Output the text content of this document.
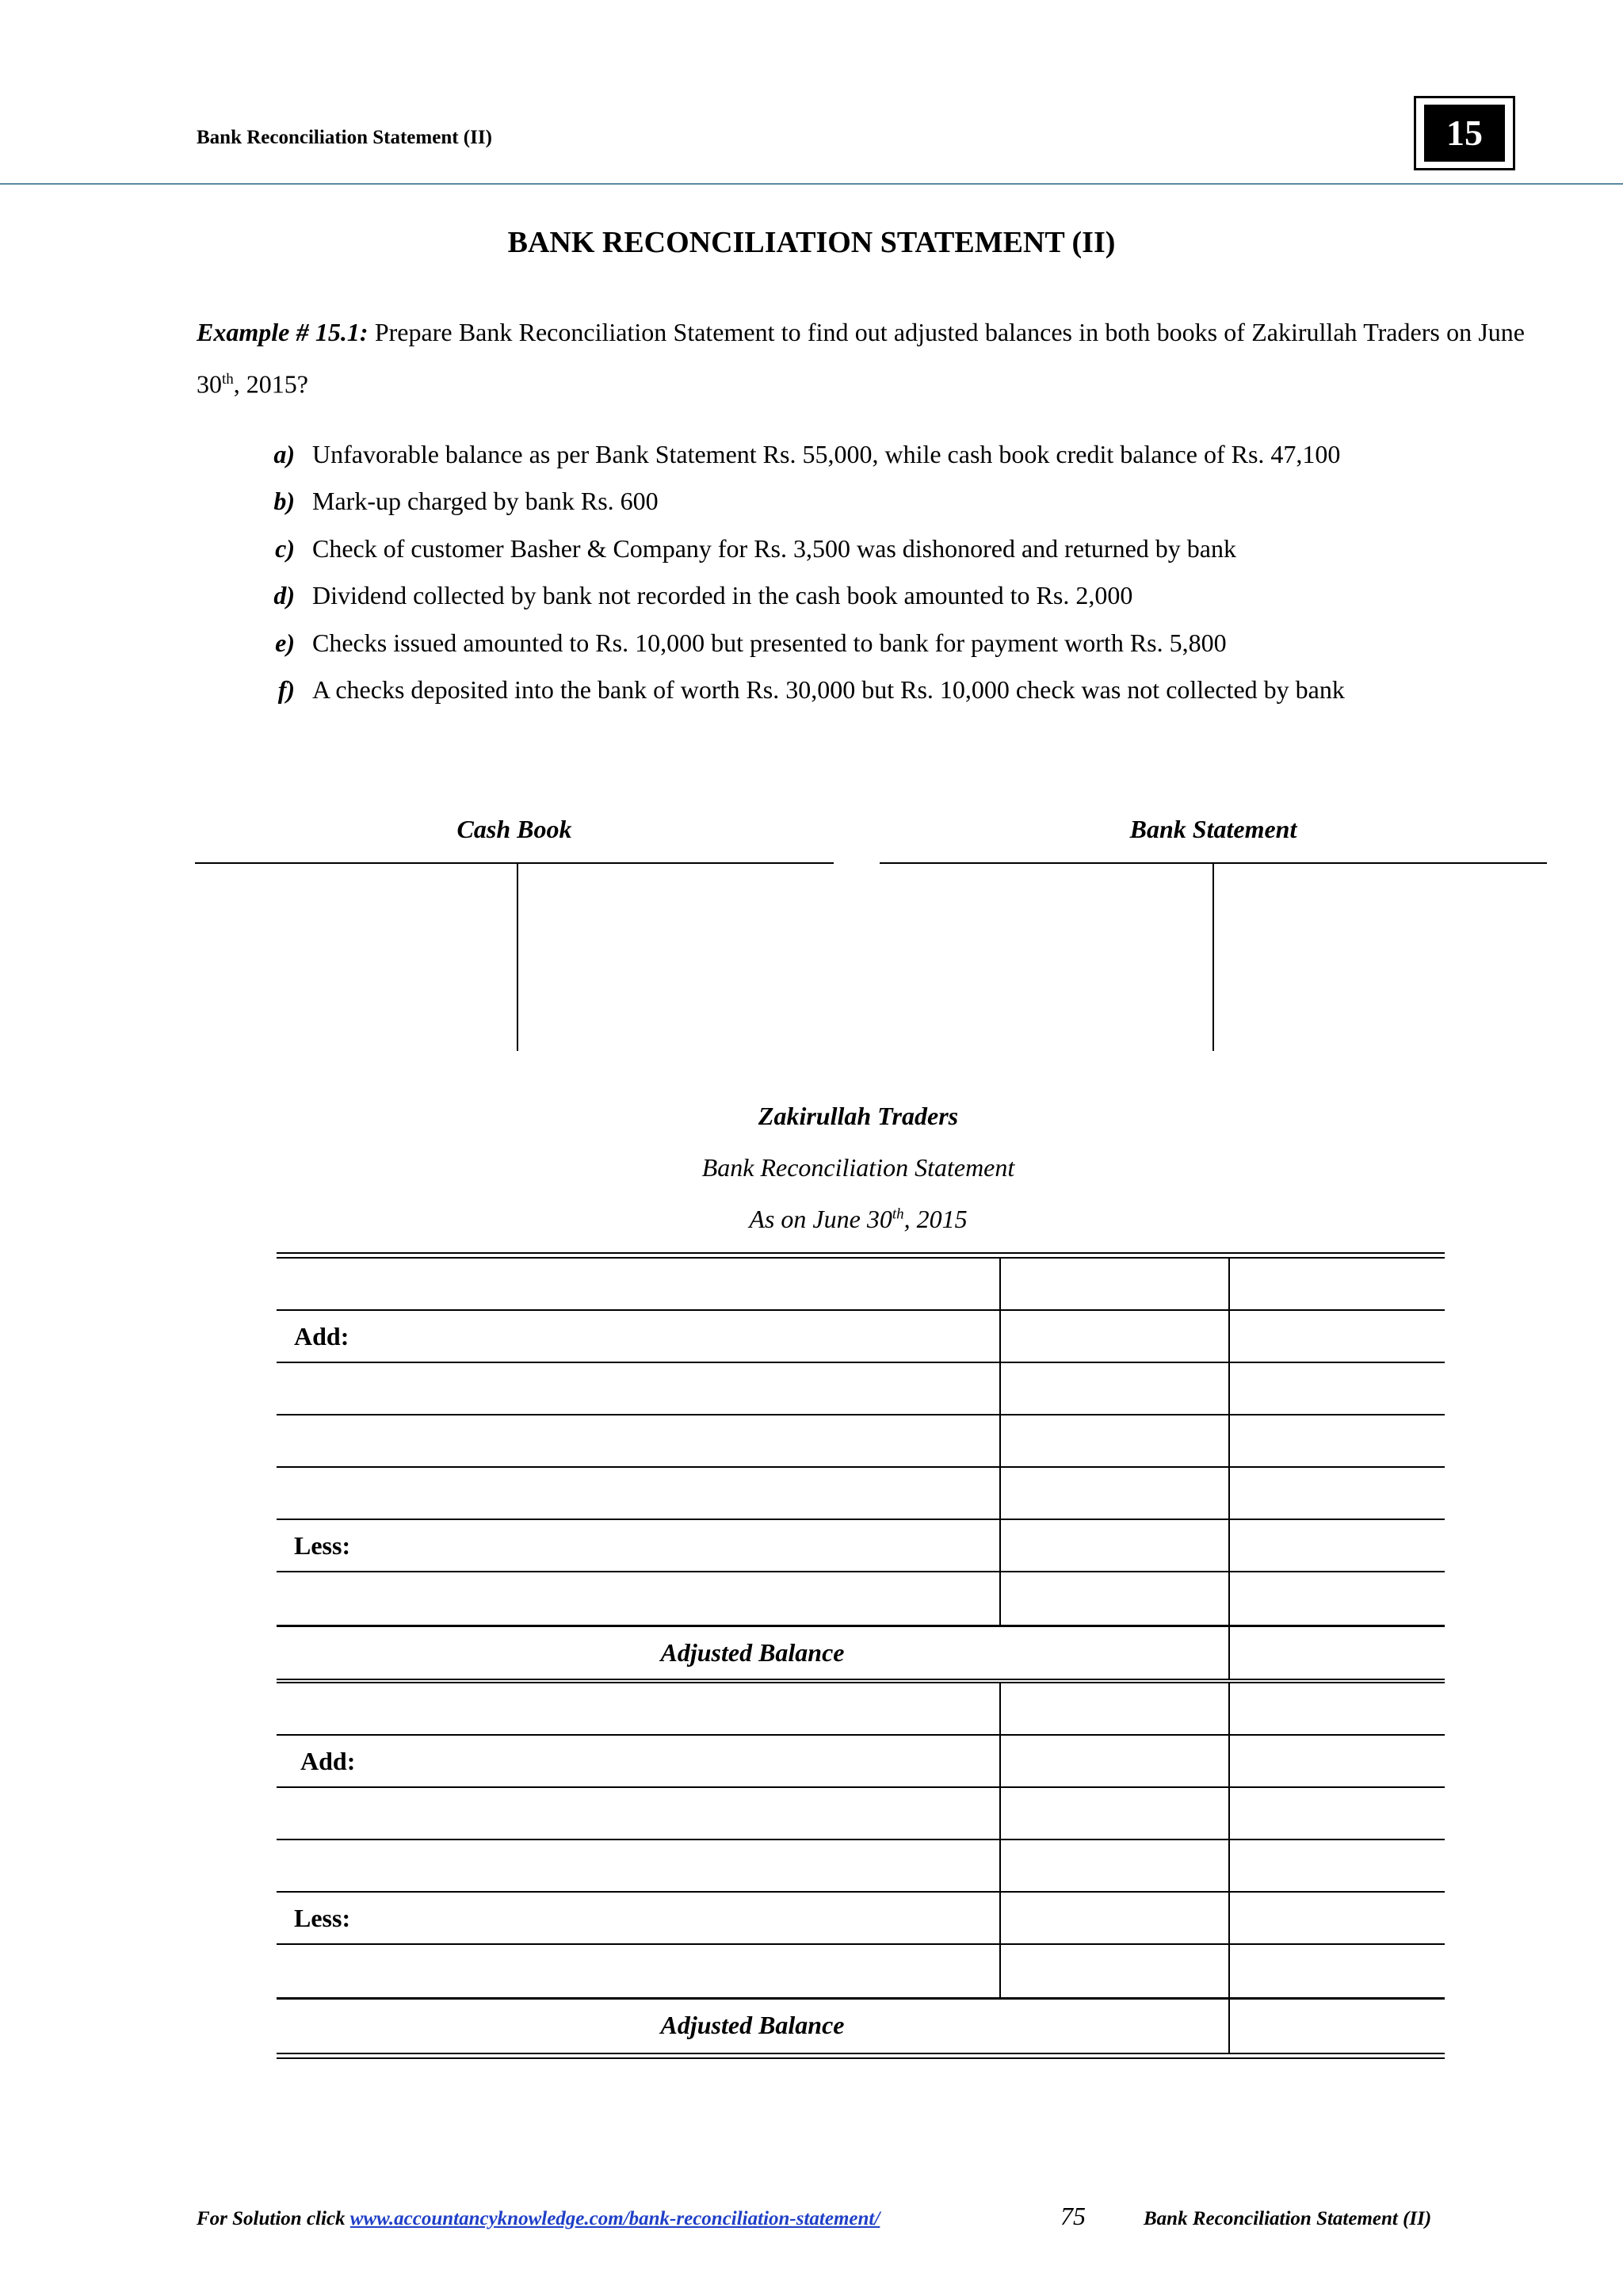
Bank Reconciliation Statement (II)	15
BANK RECONCILIATION STATEMENT (II)
Example # 15.1: Prepare Bank Reconciliation Statement to find out adjusted balances in both books of Zakirullah Traders on June 30th, 2015?
a) Unfavorable balance as per Bank Statement Rs. 55,000, while cash book credit balance of Rs. 47,100
b) Mark-up charged by bank Rs. 600
c) Check of customer Basher & Company for Rs. 3,500 was dishonored and returned by bank
d) Dividend collected by bank not recorded in the cash book amounted to Rs. 2,000
e) Checks issued amounted to Rs. 10,000 but presented to bank for payment worth Rs. 5,800
f) A checks deposited into the bank of worth Rs. 30,000 but Rs. 10,000 check was not collected by bank
Cash Book	Bank Statement
Zakirullah Traders
Bank Reconciliation Statement
As on June 30th, 2015
Add:
Less:
Adjusted Balance
Add:
Less:
Adjusted Balance
For Solution click www.accountancyknowledge.com/bank-reconciliation-statement/	75	Bank Reconciliation Statement (II)
